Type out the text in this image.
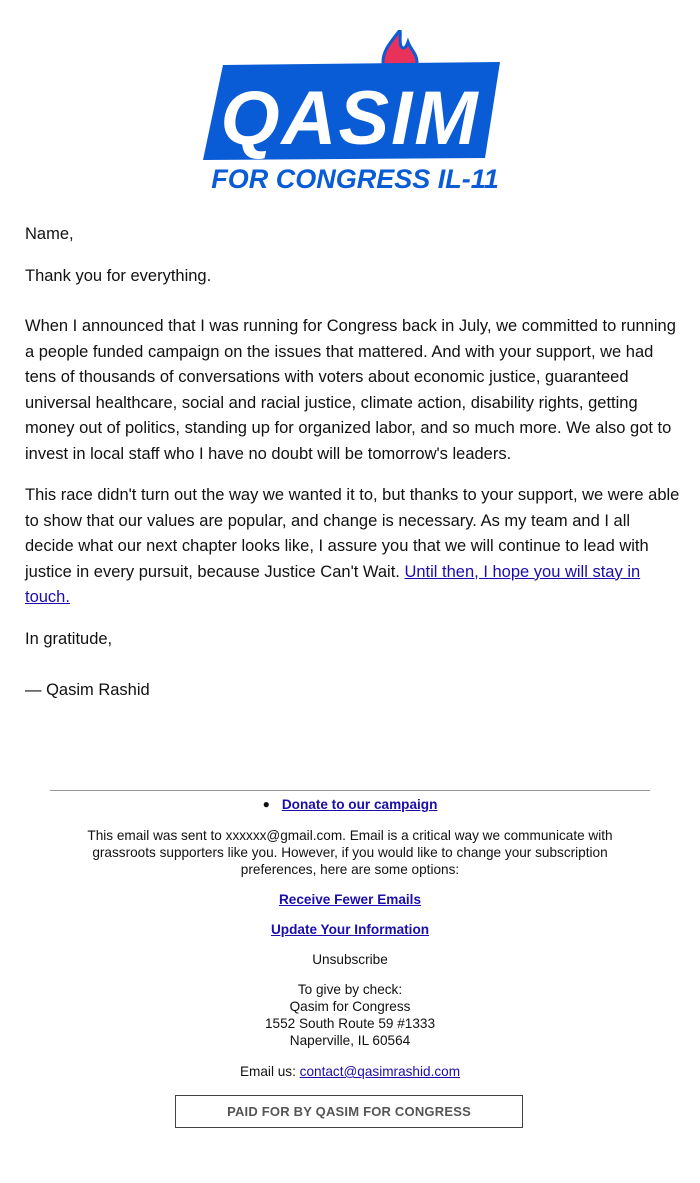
QASIM
FOR CONGRESS IL-11

Name,

Thank you for everything.

When I announced that I was running for Congress back in July, we committed to running a people funded campaign on the issues that mattered. And with your support, we had tens of thousands of conversations with voters about economic justice, guaranteed universal healthcare, social and racial justice, climate action, disability rights, getting money out of politics, standing up for organized labor, and so much more. We also got to invest in local staff who I have no doubt will be tomorrow's leaders.

This race didn't turn out the way we wanted it to, but thanks to your support, we were able to show that our values are popular, and change is necessary. As my team and I all decide what our next chapter looks like, I assure you that we will continue to lead with justice in every pursuit, because Justice Can't Wait. Until then, I hope you will stay in touch.

In gratitude,

— Qasim Rashid

● Donate to our campaign

This email was sent to xxxxxx@gmail.com. Email is a critical way we communicate with grassroots supporters like you. However, if you would like to change your subscription preferences, here are some options:

Receive Fewer Emails

Update Your Information

Unsubscribe

To give by check:

Qasim for Congress

1552 South Route 59 #1333

Naperville, IL 60564

Email us: contact@qasimrashid.com

PAID FOR BY QASIM FOR CONGRESS
